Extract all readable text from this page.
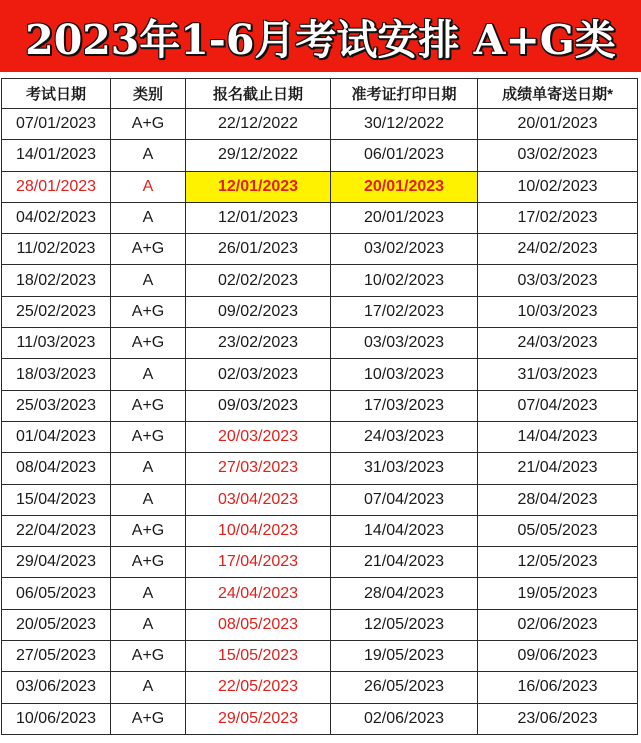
2023年1-6月考试安排 A+G类
考试日期	类别	报名截止日期	准考证打印日期	成绩单寄送日期*
07/01/2023	A+G	22/12/2022	30/12/2022	20/01/2023
14/01/2023	A	29/12/2022	06/01/2023	03/02/2023
28/01/2023	A	12/01/2023	20/01/2023	10/02/2023
04/02/2023	A	12/01/2023	20/01/2023	17/02/2023
11/02/2023	A+G	26/01/2023	03/02/2023	24/02/2023
18/02/2023	A	02/02/2023	10/02/2023	03/03/2023
25/02/2023	A+G	09/02/2023	17/02/2023	10/03/2023
11/03/2023	A+G	23/02/2023	03/03/2023	24/03/2023
18/03/2023	A	02/03/2023	10/03/2023	31/03/2023
25/03/2023	A+G	09/03/2023	17/03/2023	07/04/2023
01/04/2023	A+G	20/03/2023	24/03/2023	14/04/2023
08/04/2023	A	27/03/2023	31/03/2023	21/04/2023
15/04/2023	A	03/04/2023	07/04/2023	28/04/2023
22/04/2023	A+G	10/04/2023	14/04/2023	05/05/2023
29/04/2023	A+G	17/04/2023	21/04/2023	12/05/2023
06/05/2023	A	24/04/2023	28/04/2023	19/05/2023
20/05/2023	A	08/05/2023	12/05/2023	02/06/2023
27/05/2023	A+G	15/05/2023	19/05/2023	09/06/2023
03/06/2023	A	22/05/2023	26/05/2023	16/06/2023
10/06/2023	A+G	29/05/2023	02/06/2023	23/06/2023
